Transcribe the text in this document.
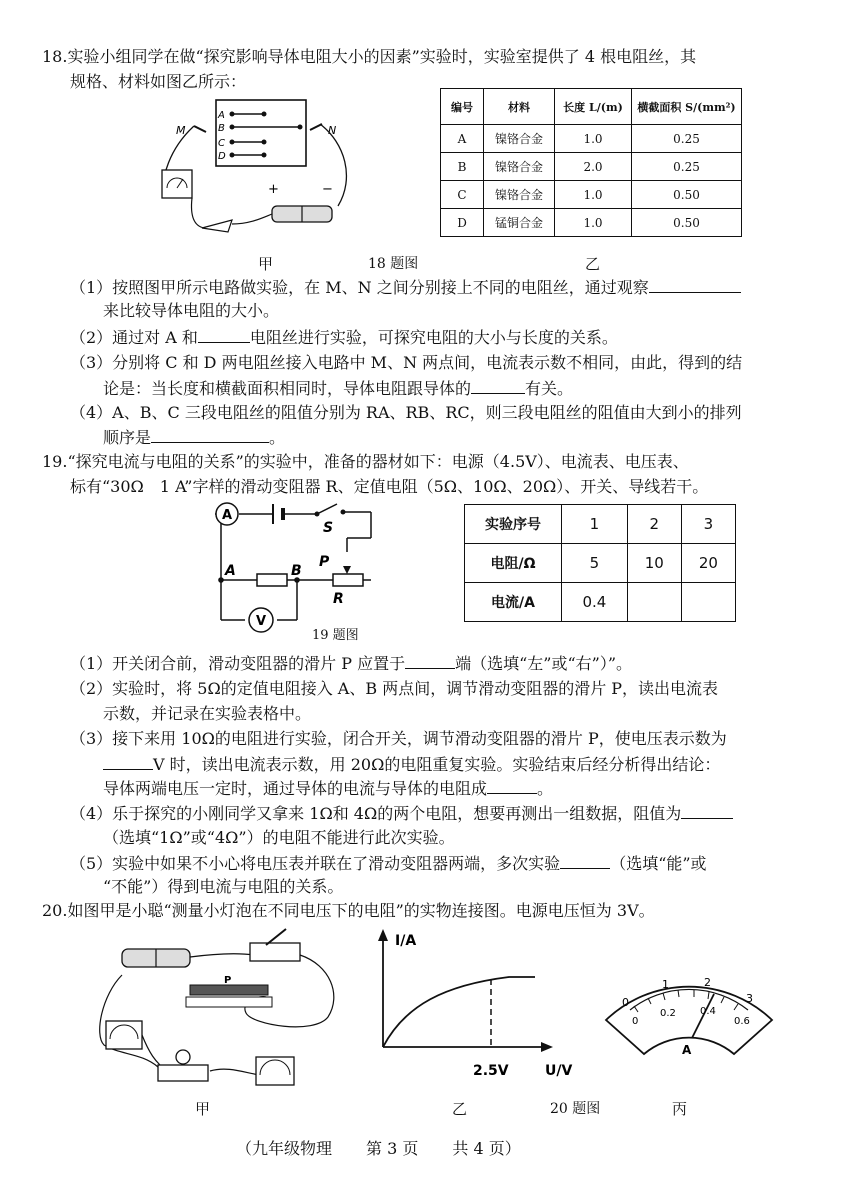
18.实验小组同学在做“探究影响导体电阻大小的因素”实验时，实验室提供了 4 根电阻丝，其
规格、材料如图乙所示：
A
B
C
D
M	N
+	−
甲	18 题图	乙
编号	材料	长度 L/(m)	横截面积 S/(mm²)
A	镍铬合金	1.0	0.25
B	镍铬合金	2.0	0.25
C	镍铬合金	1.0	0.50
D	锰铜合金	1.0	0.50
（1）按照图甲所示电路做实验，在 M、N 之间分别接上不同的电阻丝，通过观察
来比较导体电阻的大小。
（2）通过对 A 和	电阻丝进行实验，可探究电阻的大小与长度的关系。
（3）分别将 C 和 D 两电阻丝接入电路中 M、N 两点间，电流表示数不相同，由此，得到的结
论是：当长度和横截面积相同时，导体电阻跟导体的	有关。
（4）A、B、C 三段电阻丝的阻值分别为 RA、RB、RC，则三段电阻丝的阻值由大到小的排列
顺序是	。
19.“探究电流与电阻的关系”的实验中，准备的器材如下：电源（4.5V）、电流表、电压表、
标有“30Ω　1 A”字样的滑动变阻器 R、定值电阻（5Ω、10Ω、20Ω）、开关、导线若干。
A
S
A	B
P
R
V
19 题图
实验序号	1	2	3
电阻/Ω	5	10	20
电流/A	0.4		
（1）开关闭合前，滑动变阻器的滑片 P 应置于	端（选填“左”或“右”）”。
（2）实验时，将 5Ω的定值电阻接入 A、B 两点间，调节滑动变阻器的滑片 P，读出电流表
示数，并记录在实验表格中。
（3）接下来用 10Ω的电阻进行实验，闭合开关，调节滑动变阻器的滑片 P，使电压表示数为
V 时，读出电流表示数，用 20Ω的电阻重复实验。实验结束后经分析得出结论：
导体两端电压一定时，通过导体的电流与导体的电阻成	。
（4）乐于探究的小刚同学又拿来 1Ω和 4Ω的两个电阻，想要再测出一组数据，阻值为
（选填“1Ω”或“4Ω”）的电阻不能进行此次实验。
（5）实验中如果不小心将电压表并联在了滑动变阻器两端，多次实验	（选填“能”或
“不能”）得到电流与电阻的关系。
20.如图甲是小聪“测量小灯泡在不同电压下的电阻”的实物连接图。电源电压恒为 3V。
P
甲
I/A
U/V
2.5V
乙	20 题图
0
1	2
3
0
0.2 0.4
0.6
A
丙
（九年级物理 第 3 页 共 4 页）
